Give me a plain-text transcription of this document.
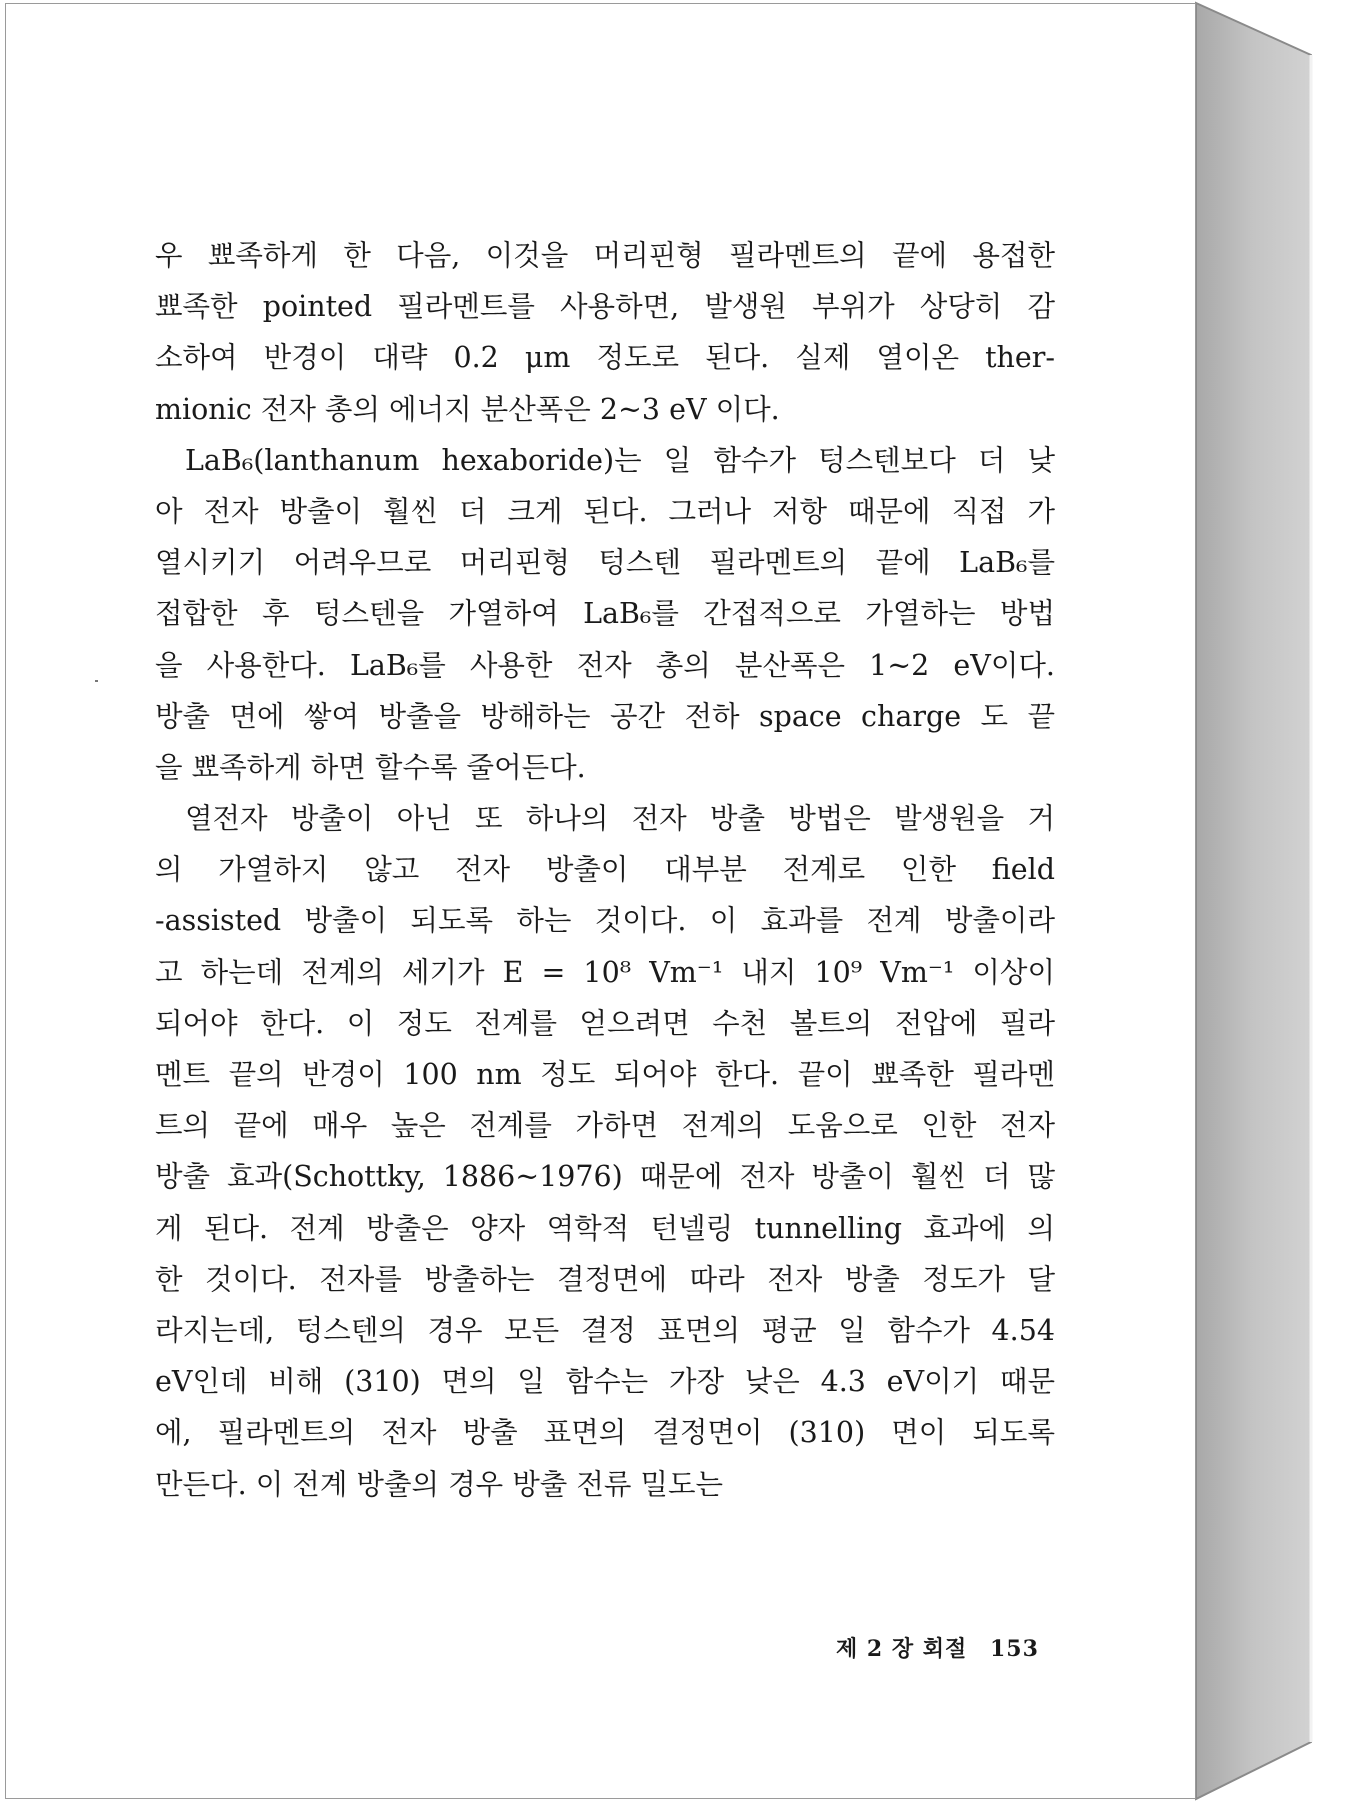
우 뾰족하게 한 다음, 이것을 머리핀형 필라멘트의 끝에 용접한
뾰족한 pointed 필라멘트를 사용하면, 발생원 부위가 상당히 감
소하여 반경이 대략 0.2 μm 정도로 된다. 실제 열이온 ther-
mionic 전자 총의 에너지 분산폭은 2~3 eV 이다.
LaB₆(lanthanum hexaboride)는 일 함수가 텅스텐보다 더 낮
아 전자 방출이 훨씬 더 크게 된다. 그러나 저항 때문에 직접 가
열시키기 어려우므로 머리핀형 텅스텐 필라멘트의 끝에 LaB₆를
접합한 후 텅스텐을 가열하여 LaB₆를 간접적으로 가열하는 방법
을 사용한다. LaB₆를 사용한 전자 총의 분산폭은 1~2 eV이다.
방출 면에 쌓여 방출을 방해하는 공간 전하 space charge 도 끝
을 뾰족하게 하면 할수록 줄어든다.
열전자 방출이 아닌 또 하나의 전자 방출 방법은 발생원을 거
의 가열하지 않고 전자 방출이 대부분 전계로 인한 field
-assisted 방출이 되도록 하는 것이다. 이 효과를 전계 방출이라
고 하는데 전계의 세기가 E = 10⁸ Vm⁻¹ 내지 10⁹ Vm⁻¹ 이상이
되어야 한다. 이 정도 전계를 얻으려면 수천 볼트의 전압에 필라
멘트 끝의 반경이 100 nm 정도 되어야 한다. 끝이 뾰족한 필라멘
트의 끝에 매우 높은 전계를 가하면 전계의 도움으로 인한 전자
방출 효과(Schottky, 1886~1976) 때문에 전자 방출이 훨씬 더 많
게 된다. 전계 방출은 양자 역학적 턴넬링 tunnelling 효과에 의
한 것이다. 전자를 방출하는 결정면에 따라 전자 방출 정도가 달
라지는데, 텅스텐의 경우 모든 결정 표면의 평균 일 함수가 4.54
eV인데 비해 (310) 면의 일 함수는 가장 낮은 4.3 eV이기 때문
에, 필라멘트의 전자 방출 표면의 결정면이 (310) 면이 되도록
만든다. 이 전계 방출의 경우 방출 전류 밀도는
제 2 장 회절 153
